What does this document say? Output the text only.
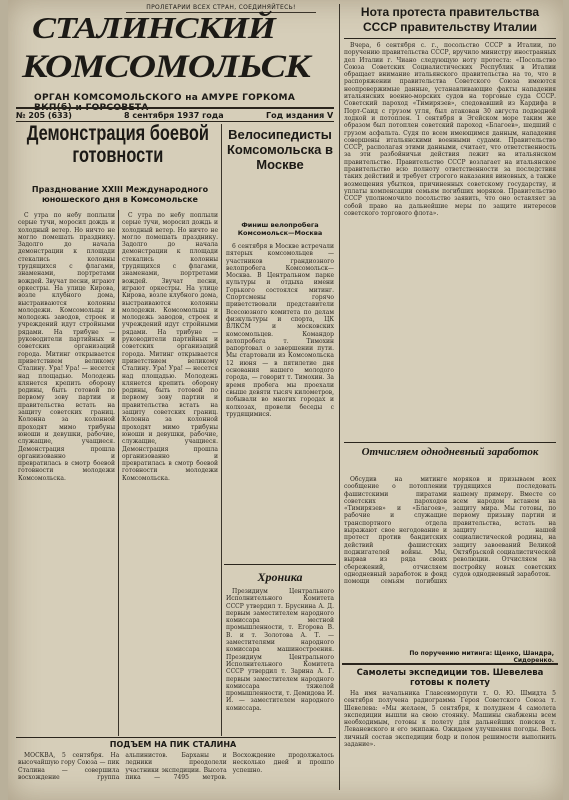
ПРОЛЕТАРИИ ВСЕХ СТРАН, СОЕДИНЯЙТЕСЬ!
СТАЛИНСКИЙ
КОМСОМОЛЬСК
ОРГАН КОМСОМОЛЬСКОГО на АМУРЕ ГОРКОМА
№ 205 (633)	8 сентября 1937 года	Год издания V
Демонстрация боевой готовности
Празднование XXIII Международного юношеского дня в Комсомольске

С утра по небу поплыли серые тучи, моросил дождь и холодный ветер. Но ничто не могло помешать празднику. Задолго до начала демонстрации к площади стекались колонны трудящихся с флагами, знаменами, портретами вождей. Звучат песни, играют оркестры. На улице Кирова, возле клубного дома, выстраиваются колонны молодежи. Комсомольцы и молодежь заводов, строек и учреждений идут стройными рядами. На трибуне — руководители партийных и советских организаций города. Митинг открывается приветствием великому Сталину. Ура! Ура! — несется над площадью. Молодежь клянется крепить оборону родины, быть готовой по первому зову партии и правительства встать на защиту советских границ. Колонна за колонной проходят мимо трибуны юноши и девушки, рабочие, служащие, учащиеся. Демонстрация прошла организованно и превратилась в смотр боевой готовности молодежи Комсомольска.

С утра по небу поплыли серые тучи, моросил дождь и холодный ветер. Но ничто не могло помешать празднику. Задолго до начала демонстрации к площади стекались колонны трудящихся с флагами, знаменами, портретами вождей. Звучат песни, играют оркестры. На улице Кирова, возле клубного дома, выстраиваются колонны молодежи. Комсомольцы и молодежь заводов, строек и учреждений идут стройными рядами. На трибуне — руководители партийных и советских организаций города. Митинг открывается приветствием великому Сталину. Ура! Ура! — несется над площадью. Молодежь клянется крепить оборону родины, быть готовой по первому зову партии и правительства встать на защиту советских границ. Колонна за колонной проходят мимо трибуны юноши и девушки, рабочие, служащие, учащиеся. Демонстрация прошла организованно и превратилась в смотр боевой готовности молодежи Комсомольска.

Велосипедисты Комсомольска в Москве
Финиш велопробега Комсомольск—Москва

6 сентября в Москве встречали пятерых комсомольцев — участников грандиозного велопробега Комсомольск—Москва. В Центральном парке культуры и отдыха имени Горького состоялся митинг. Спортсмены горячо приветствовали представители Всесоюзного комитета по делам физкультуры и спорта, ЦК ВЛКСМ и московских комсомольцев. Командор велопробега т. Тимохин рапортовал о завершении пути. Мы стартовали из Комсомольска 12 июня — в пятилетие дня основания нашего молодого города, — говорит т. Тимохин. За время пробега мы проехали свыше девяти тысяч километров, побывали во многих городах и колхозах, провели беседы с трудящимися.

Хроника

Президиум Центрального Исполнительного Комитета СССР утвердил т. Бруснина А. Д. первым заместителем народного комиссара местной промышленности, т. Егорова В. В. и т. Золотова А. Т. — заместителями народного комиссара машиностроения. Президиум Центрального Исполнительного Комитета СССР утвердил т. Зарина А. Г. первым заместителем народного комиссара тяжелой промышленности, т. Демидова И. И. — заместителем народного комиссара.

Нота протеста правительства СССР правительству Италии

Вчера, 6 сентября с. г., посольство СССР в Италии, по поручению правительства СССР, вручило министру иностранных дел Италии г. Чиано следующую ноту протеста: «Посольство Союза Советских Социалистических Республик в Италии обращает внимание итальянского правительства на то, что в распоряжении правительства Советского Союза имеются неопровержимые данные, устанавливающие факты нападения итальянских военно-морских судов на торговые суда СССР. Советский пароход «Тимирязев», следовавший из Кардифа в Порт-Саид с грузом угля, был атакован 30 августа подводной лодкой и потоплен. 1 сентября в Эгейском море таким же образом был потоплен советский пароход «Благоев», шедший с грузом асфальта. Судя по всем имеющимся данным, нападения совершены итальянскими военными судами. Правительство СССР, располагая этими данными, считает, что ответственность за эти разбойничьи действия лежит на итальянском правительстве. Правительство СССР возлагает на итальянское правительство всю полноту ответственности за последствия таких действий и требует строгого наказания виновных, а также возмещения убытков, причиненных советскому государству, и уплаты компенсации семьям погибших моряков. Правительство СССР уполномочило посольство заявить, что оно оставляет за собой право на дальнейшие меры по защите интересов советского торгового флота».

Отчисляем однодневный заработок

Обсудив на митинге сообщение о потоплении фашистскими пиратами советских пароходов «Тимирязев» и «Благоев», рабочие и служащие транспортного отдела выражают свое негодование и протест против бандитских действий фашистских поджигателей войны. Мы, вырвав из ряда своих сбережений, отчисляем однодневный заработок в фонд помощи семьям погибших моряков и призываем всех трудящихся последовать нашему примеру. Вместе со всем народом встанем на защиту мира. Мы готовы, по первому призыву партии и правительства, встать на защиту нашей социалистической родины, на защиту завоеваний Великой Октябрьской социалистической революции. Отчисляем на постройку новых советских судов однодневный заработок.

По поручению митинга: Щенко, Шандра, Сидоренко.
Самолеты экспедиции тов. Шевелева готовы к полету

На имя начальника Главсевморпути т. О. Ю. Шмидта 5 сентября получена радиограмма Героя Советского Союза т. Шевелева: «Мы желаем, 5 сентября, к полуднем 4 самолета экспедиции вышли на свою стоянку. Машины снабжены всем необходимым, готовы к полету для дальнейших поисков т. Леваневского и его экипажа. Ожидаем улучшения погоды. Весь личный состав экспедиции бодр и полон решимости выполнить задание».

ПОДЪЕМ НА ПИК СТАЛИНА

МОСКВА, 5 сентября. На высочайшую гору Союза — пик Сталина — совершила восхождение группа альпинистов. Барханы и ледники преодолели участники экспедиции. Высота пика — 7495 метров. Восхождение продолжалось несколько дней и прошло успешно.
